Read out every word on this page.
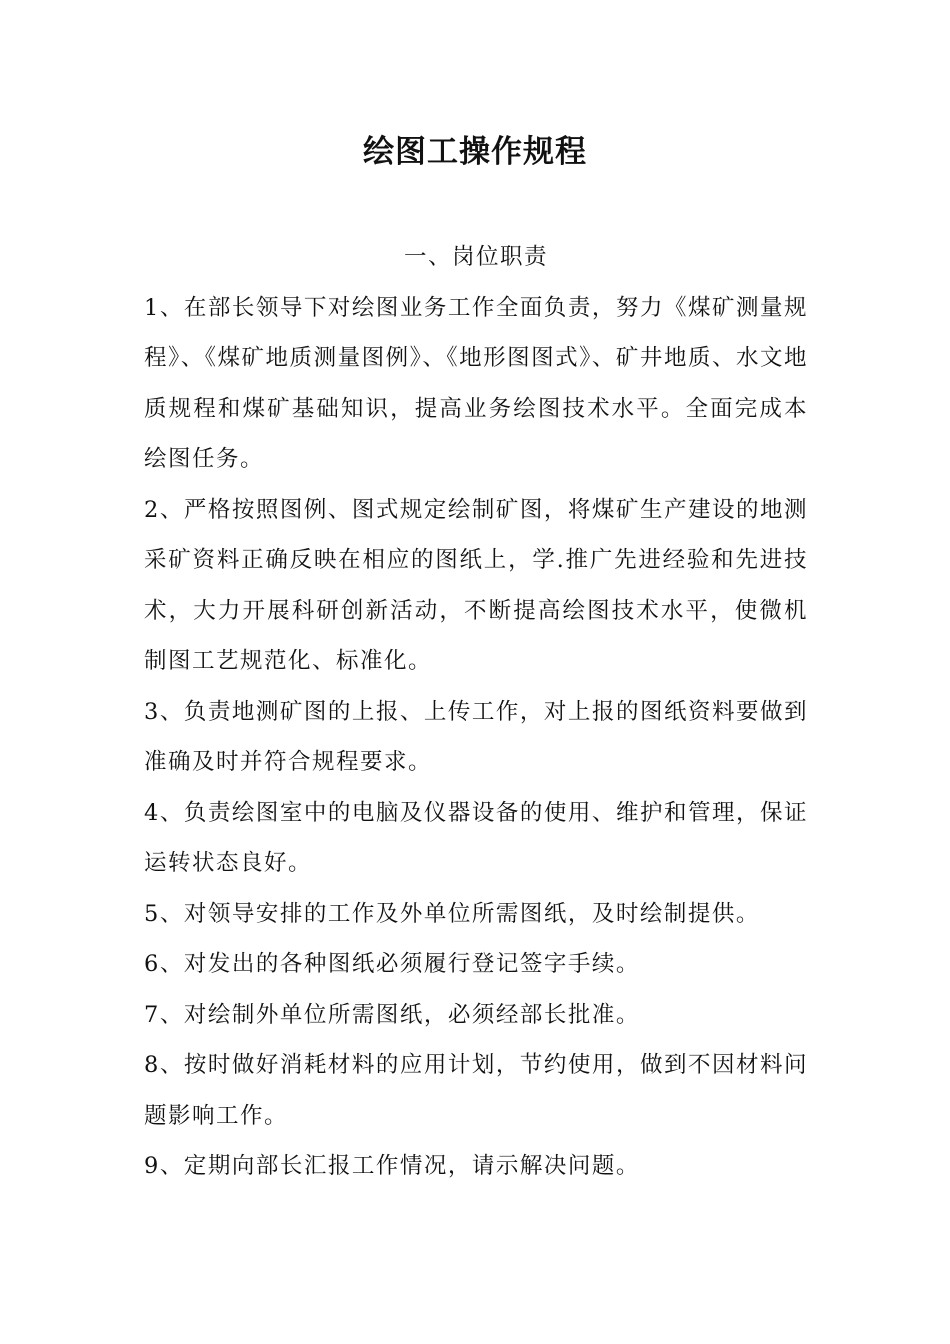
绘图工操作规程

一、岗位职责

1、在部长领导下对绘图业务工作全面负责，努力《煤矿测量规程》、《煤矿地质测量图例》、《地形图图式》、矿井地质、水文地质规程和煤矿基础知识，提高业务绘图技术水平。全面完成本绘图任务。

2、严格按照图例、图式规定绘制矿图，将煤矿生产建设的地测采矿资料正确反映在相应的图纸上，学.推广先进经验和先进技术，大力开展科研创新活动，不断提高绘图技术水平，使微机制图工艺规范化、标准化。

3、负责地测矿图的上报、上传工作，对上报的图纸资料要做到准确及时并符合规程要求。

4、负责绘图室中的电脑及仪器设备的使用、维护和管理，保证运转状态良好。

5、对领导安排的工作及外单位所需图纸，及时绘制提供。

6、对发出的各种图纸必须履行登记签字手续。

7、对绘制外单位所需图纸，必须经部长批准。

8、按时做好消耗材料的应用计划，节约使用，做到不因材料问题影响工作。

9、定期向部长汇报工作情况，请示解决问题。
